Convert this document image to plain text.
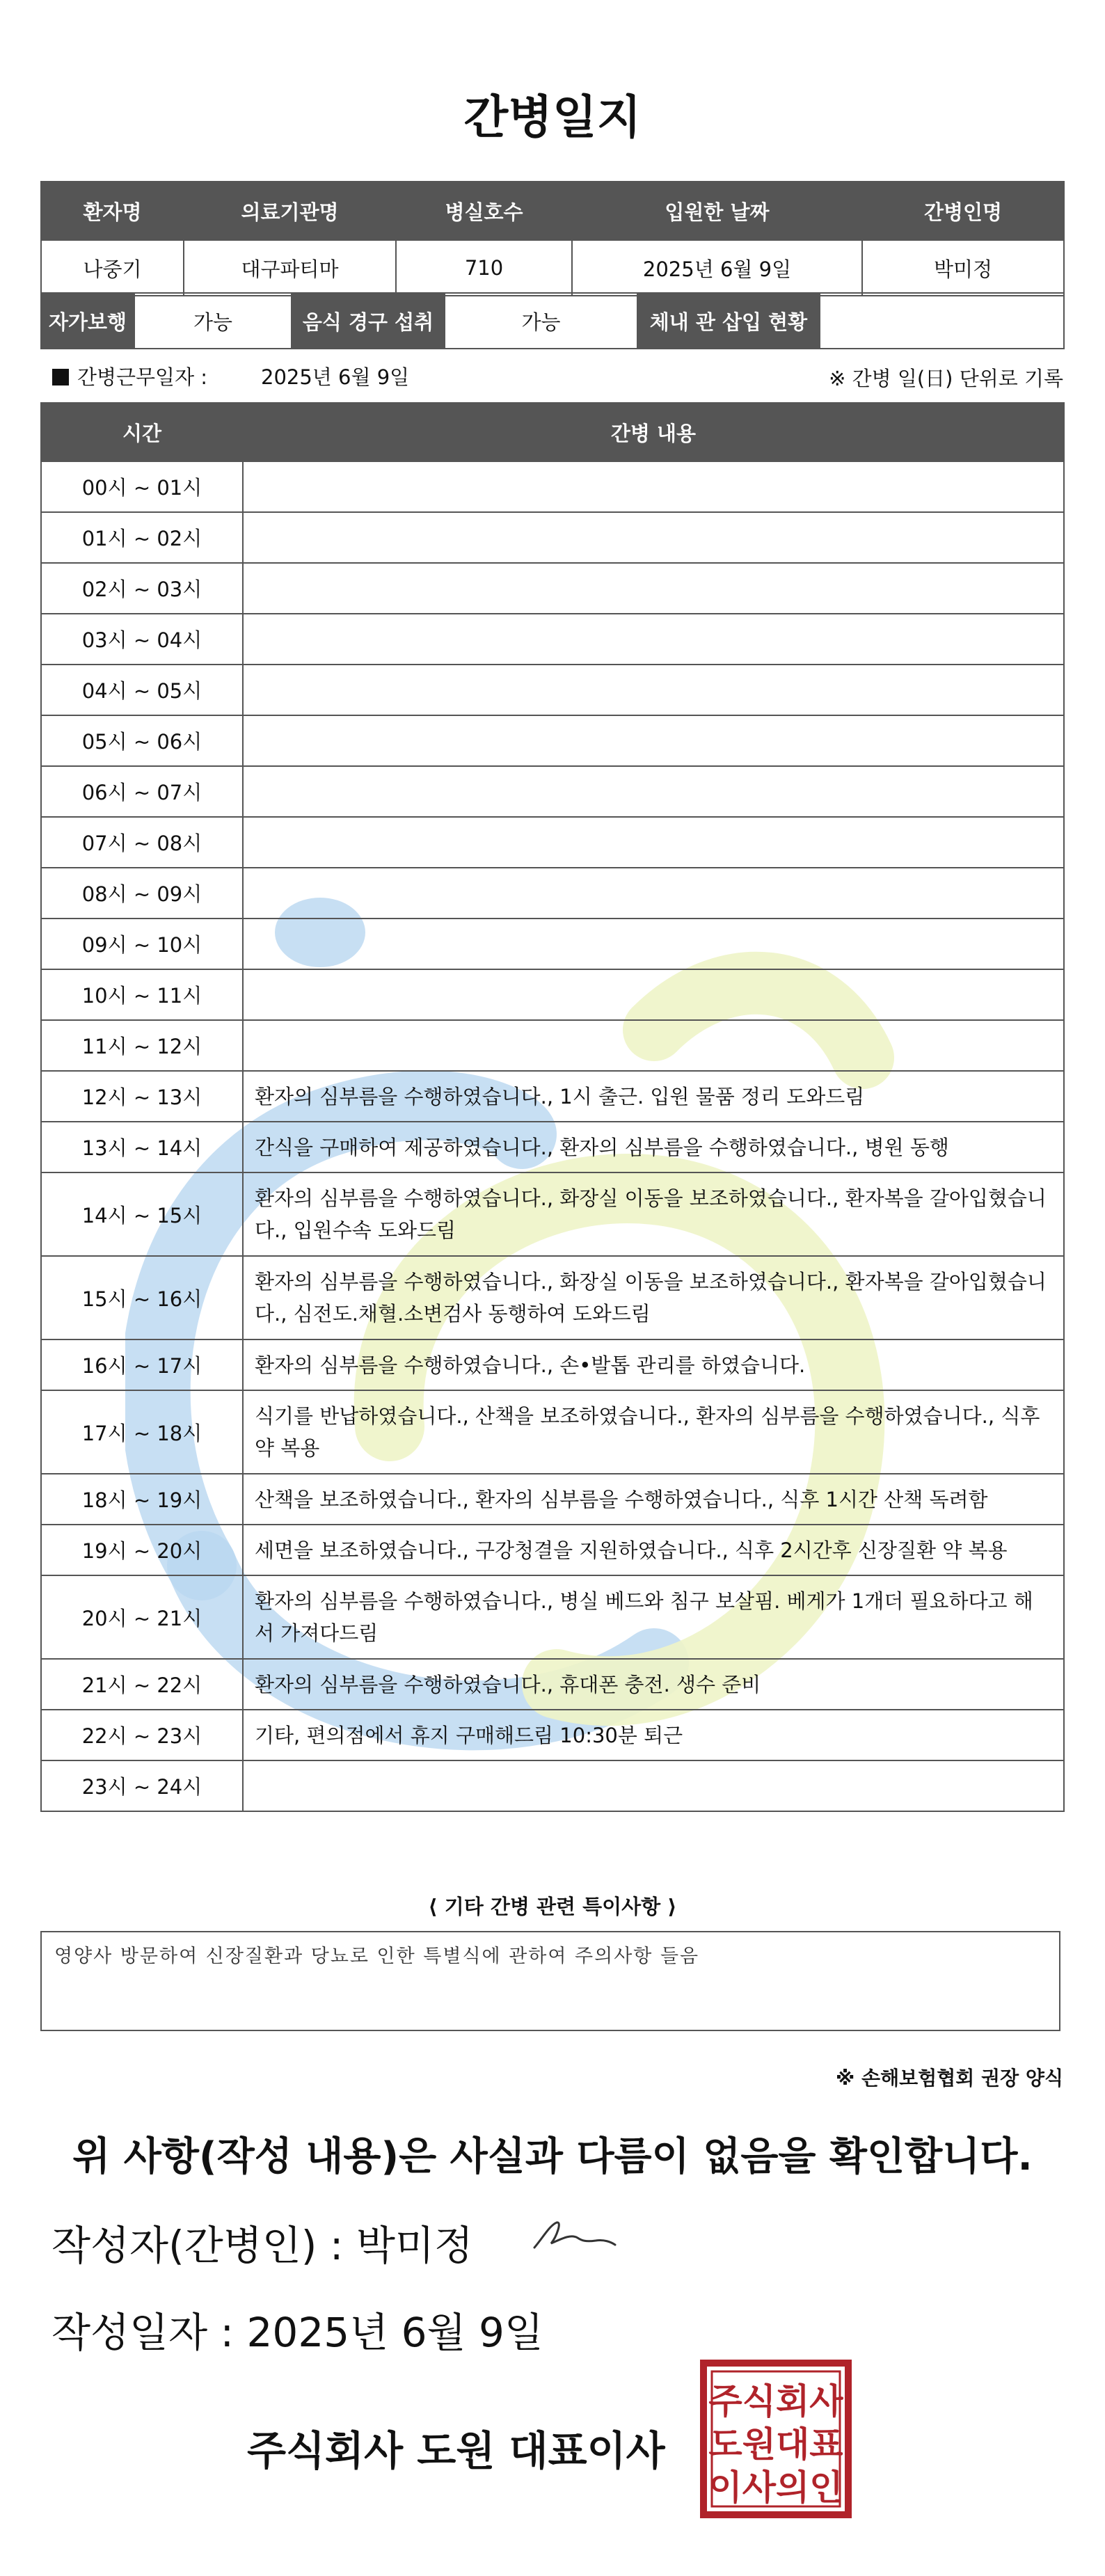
간병일지
환자명	의료기관명	병실호수	입원한 날짜	간병인명
나중기	대구파티마	710	2025년 6월 9일	박미정
자가보행	가능	음식 경구 섭취	가능	체내 관 삽입 현황	
간병근무일자 :	2025년 6월 9일	※ 간병 일(日) 단위로 기록
시간	간병 내용
00시 ~ 01시	
01시 ~ 02시	
02시 ~ 03시	
03시 ~ 04시	
04시 ~ 05시	
05시 ~ 06시	
06시 ~ 07시	
07시 ~ 08시	
08시 ~ 09시	
09시 ~ 10시	
10시 ~ 11시	
11시 ~ 12시	
12시 ~ 13시	환자의 심부름을 수행하였습니다., 1시 출근. 입원 물품 정리 도와드림
13시 ~ 14시	간식을 구매하여 제공하였습니다., 환자의 심부름을 수행하였습니다., 병원 동행
14시 ~ 15시	환자의 심부름을 수행하였습니다., 화장실 이동을 보조하였습니다., 환자복을 갈아입혔습니다., 입원수속 도와드림
15시 ~ 16시	환자의 심부름을 수행하였습니다., 화장실 이동을 보조하였습니다., 환자복을 갈아입혔습니다., 심전도.채혈.소변검사 동행하여 도와드림
16시 ~ 17시	환자의 심부름을 수행하였습니다., 손•발톱 관리를 하였습니다.
17시 ~ 18시	식기를 반납하였습니다., 산책을 보조하였습니다., 환자의 심부름을 수행하였습니다., 식후 약 복용
18시 ~ 19시	산책을 보조하였습니다., 환자의 심부름을 수행하였습니다., 식후 1시간 산책 독려함
19시 ~ 20시	세면을 보조하였습니다., 구강청결을 지원하였습니다., 식후 2시간후 신장질환 약 복용
20시 ~ 21시	환자의 심부름을 수행하였습니다., 병실 베드와 침구 보살핌. 베게가 1개더 필요하다고 해서 가져다드림
21시 ~ 22시	환자의 심부름을 수행하였습니다., 휴대폰 충전. 생수 준비
22시 ~ 23시	기타, 편의점에서 휴지 구매해드림 10:30분 퇴근
23시 ~ 24시	
⟨ 기타 간병 관련 특이사항 ⟩
영양사 방문하여 신장질환과 당뇨로 인한 특별식에 관하여 주의사항 들음
※ 손해보험협회 권장 양식
위 사항(작성 내용)은 사실과 다름이 없음을 확인합니다.
작성자(간병인) : 박미정
작성일자 : 2025년 6월 9일
주식회사 도원 대표이사
주식회사
도원대표
이사의인
